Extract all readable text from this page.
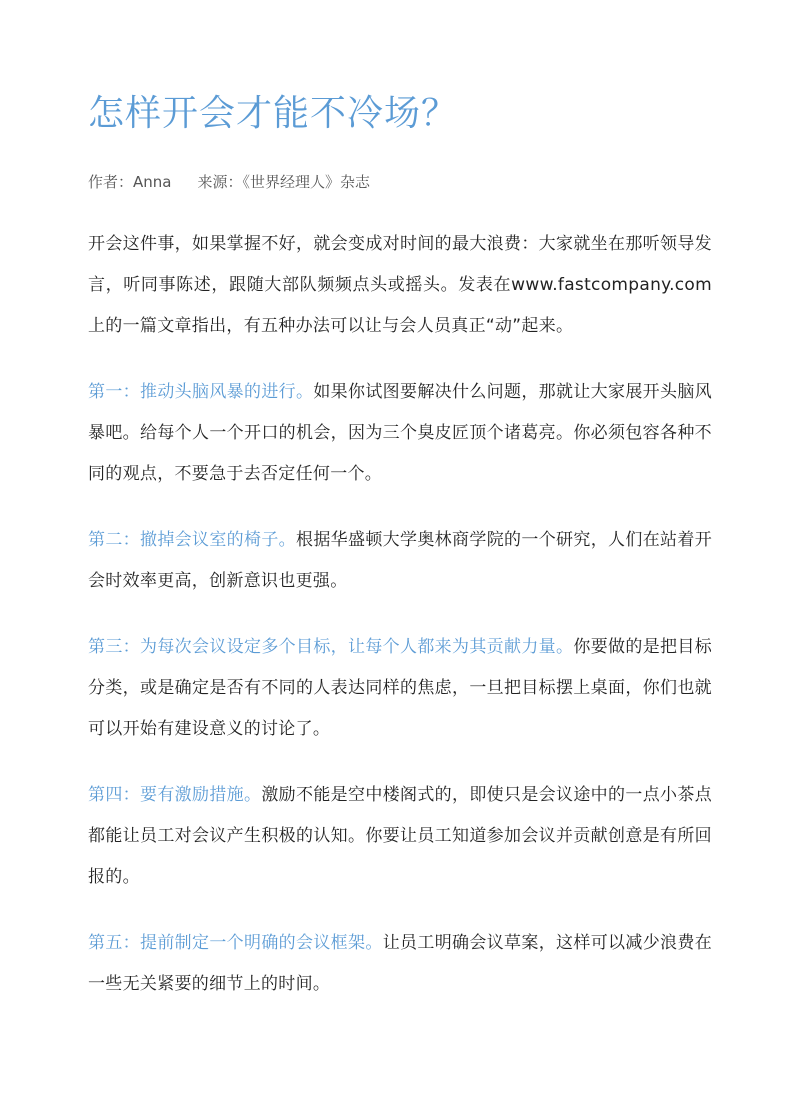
怎样开会才能不冷场？
作者：Anna 来源：《世界经理人》杂志

开会这件事，如果掌握不好，就会变成对时间的最大浪费：大家就坐在那听领导发言，听同事陈述，跟随大部队频频点头或摇头。发表在www.fastcompany.com上的一篇文章指出，有五种办法可以让与会人员真正“动”起来。

第一：推动头脑风暴的进行。如果你试图要解决什么问题，那就让大家展开头脑风暴吧。给每个人一个开口的机会，因为三个臭皮匠顶个诸葛亮。你必须包容各种不同的观点，不要急于去否定任何一个。

第二：撤掉会议室的椅子。根据华盛顿大学奥林商学院的一个研究，人们在站着开会时效率更高，创新意识也更强。

第三：为每次会议设定多个目标，让每个人都来为其贡献力量。你要做的是把目标分类，或是确定是否有不同的人表达同样的焦虑，一旦把目标摆上桌面，你们也就可以开始有建设意义的讨论了。

第四：要有激励措施。激励不能是空中楼阁式的，即使只是会议途中的一点小茶点都能让员工对会议产生积极的认知。你要让员工知道参加会议并贡献创意是有所回报的。

第五：提前制定一个明确的会议框架。让员工明确会议草案，这样可以减少浪费在一些无关紧要的细节上的时间。
